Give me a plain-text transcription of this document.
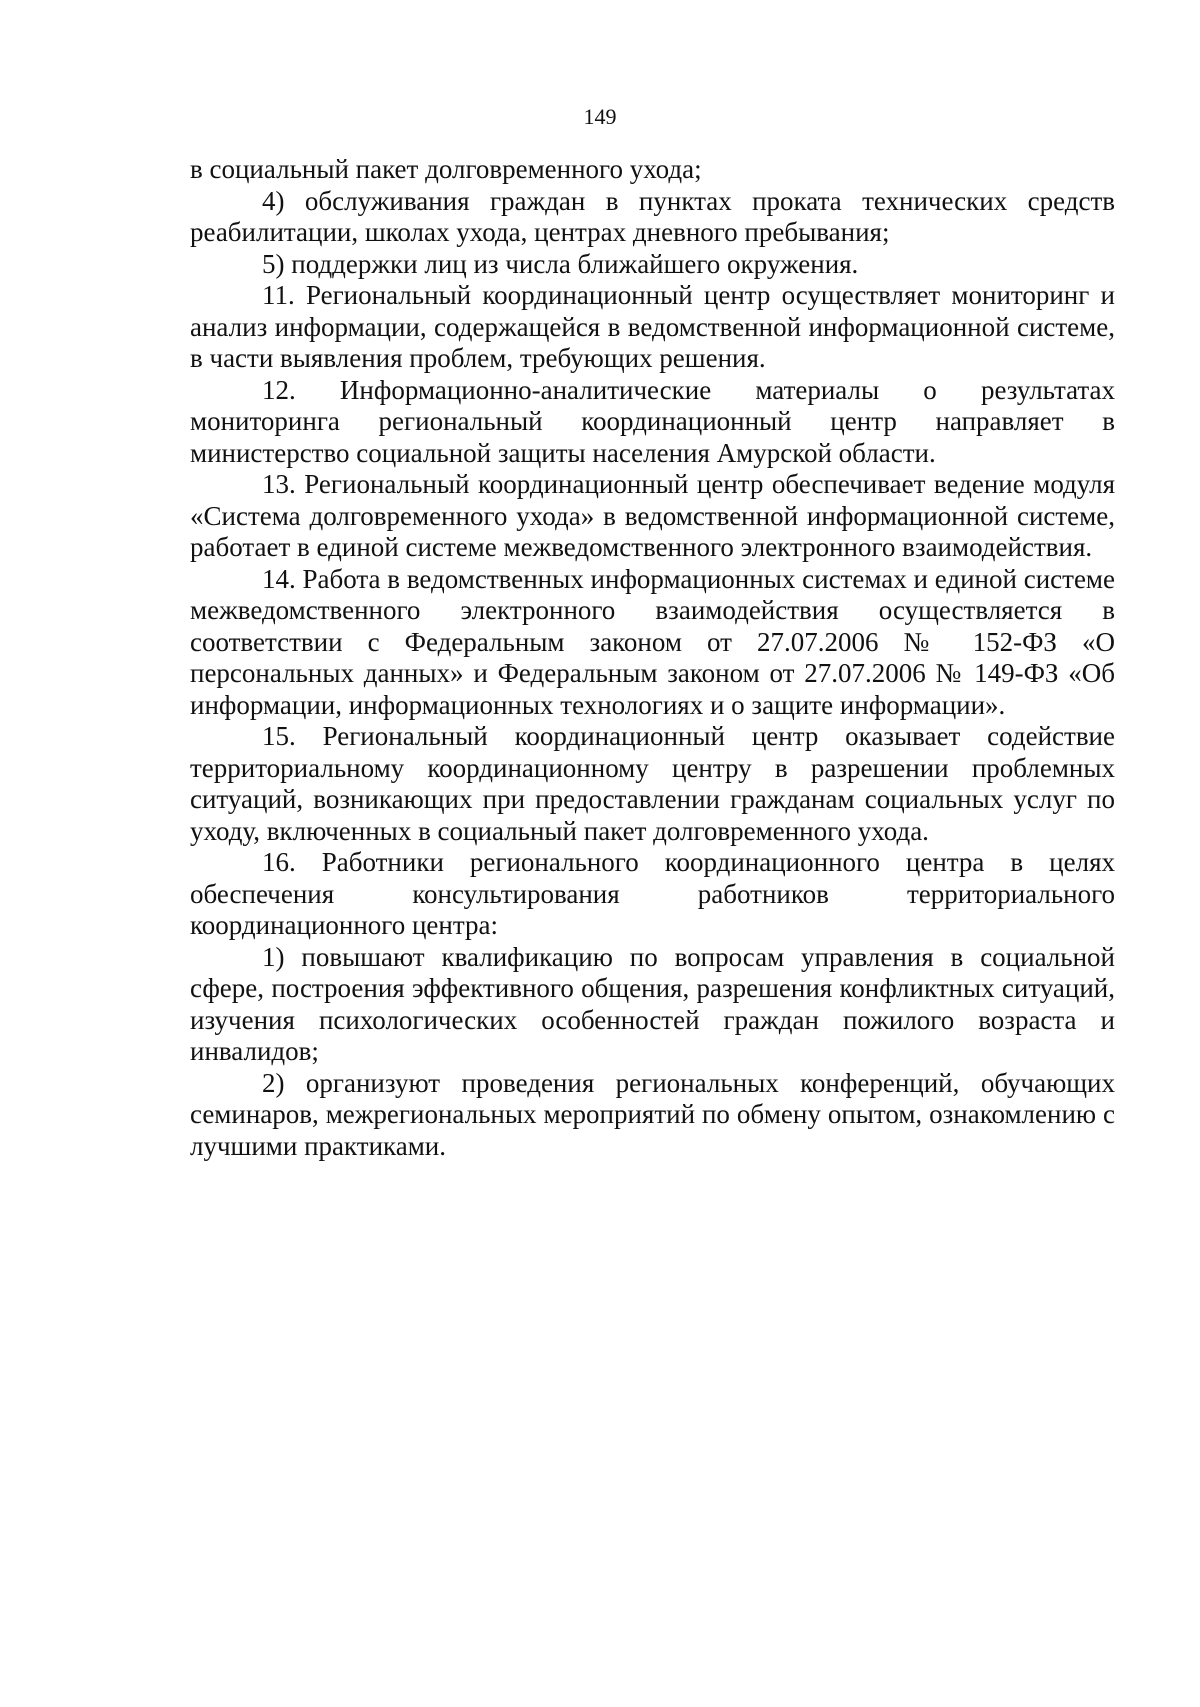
149

в социальный пакет долговременного ухода;

4) обслуживания граждан в пунктах проката технических средств реабилитации, школах ухода, центрах дневного пребывания;

5) поддержки лиц из числа ближайшего окружения.

11. Региональный координационный центр осуществляет мониторинг и анализ информации, содержащейся в ведомственной информационной системе, в части выявления проблем, требующих решения.

12. Информационно-аналитические материалы о результатах мониторинга региональный координационный центр направляет в министерство социальной защиты населения Амурской области.

13. Региональный координационный центр обеспечивает ведение модуля «Система долговременного ухода» в ведомственной информационной системе, работает в единой системе межведомственного электронного взаимодействия.

14. Работа в ведомственных информационных системах и единой системе межведомственного электронного взаимодействия осуществляется в соответствии с Федеральным законом от 27.07.2006 № 152-ФЗ «О персональных данных» и Федеральным законом от 27.07.2006 № 149-ФЗ «Об информации, информационных технологиях и о защите информации».

15. Региональный координационный центр оказывает содействие территориальному координационному центру в разрешении проблемных ситуаций, возникающих при предоставлении гражданам социальных услуг по уходу, включенных в социальный пакет долговременного ухода.

16. Работники регионального координационного центра в целях обеспечения консультирования работников территориального координационного центра:

1) повышают квалификацию по вопросам управления в социальной сфере, построения эффективного общения, разрешения конфликтных ситуаций, изучения психологических особенностей граждан пожилого возраста и инвалидов;

2) организуют проведения региональных конференций, обучающих семинаров, межрегиональных мероприятий по обмену опытом, ознакомлению с лучшими практиками.
